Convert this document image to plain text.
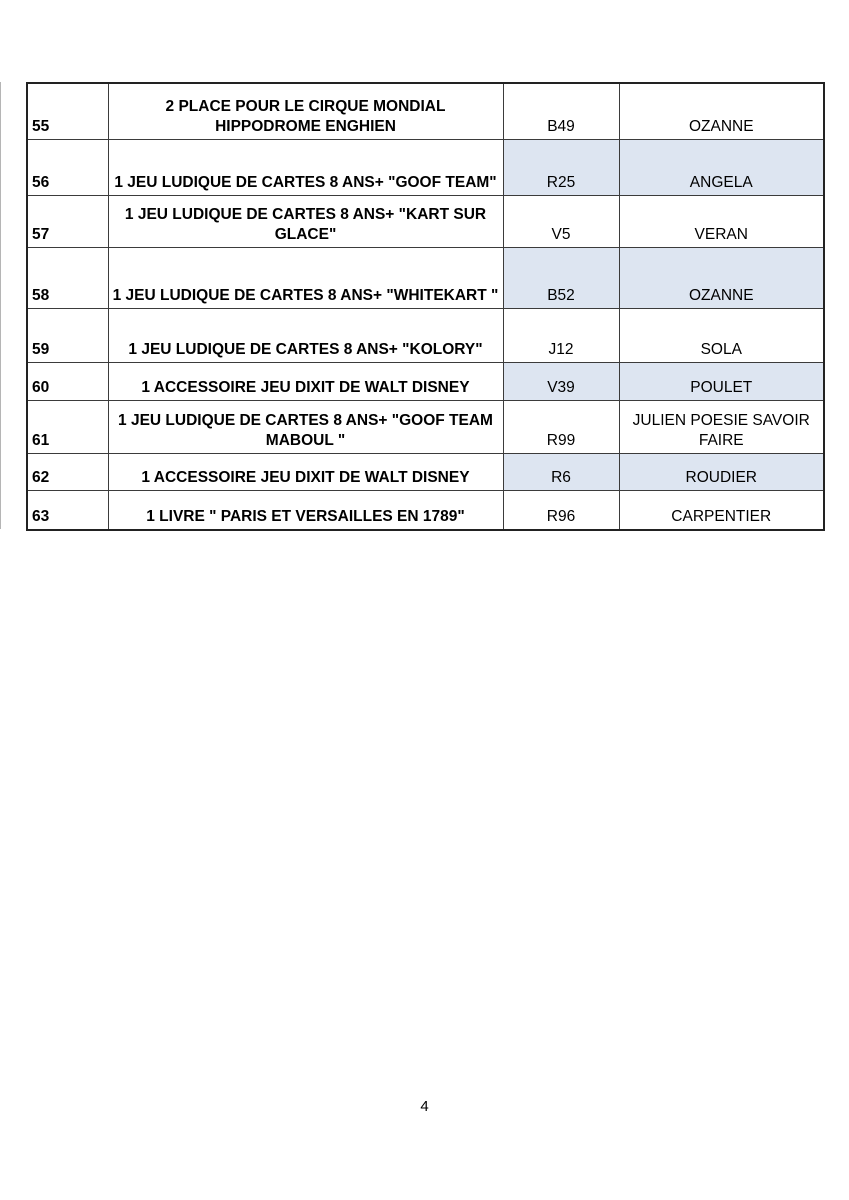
55	2 PLACE POUR LE CIRQUE MONDIAL HIPPODROME ENGHIEN	B49	OZANNE
56	1 JEU LUDIQUE DE CARTES 8 ANS+ "GOOF TEAM"	R25	ANGELA
57	1 JEU LUDIQUE DE CARTES 8 ANS+ "KART SUR GLACE"	V5	VERAN
58	1 JEU LUDIQUE DE CARTES 8 ANS+ "WHITEKART "	B52	OZANNE
59	1 JEU LUDIQUE DE CARTES 8 ANS+ "KOLORY"	J12	SOLA
60	1 ACCESSOIRE JEU DIXIT DE WALT DISNEY	V39	POULET
61	1 JEU LUDIQUE DE CARTES 8 ANS+ "GOOF TEAM MABOUL "	R99	JULIEN POESIE SAVOIR FAIRE
62	1 ACCESSOIRE JEU DIXIT DE WALT DISNEY	R6	ROUDIER
63	1 LIVRE " PARIS ET VERSAILLES EN 1789"	R96	CARPENTIER
4
